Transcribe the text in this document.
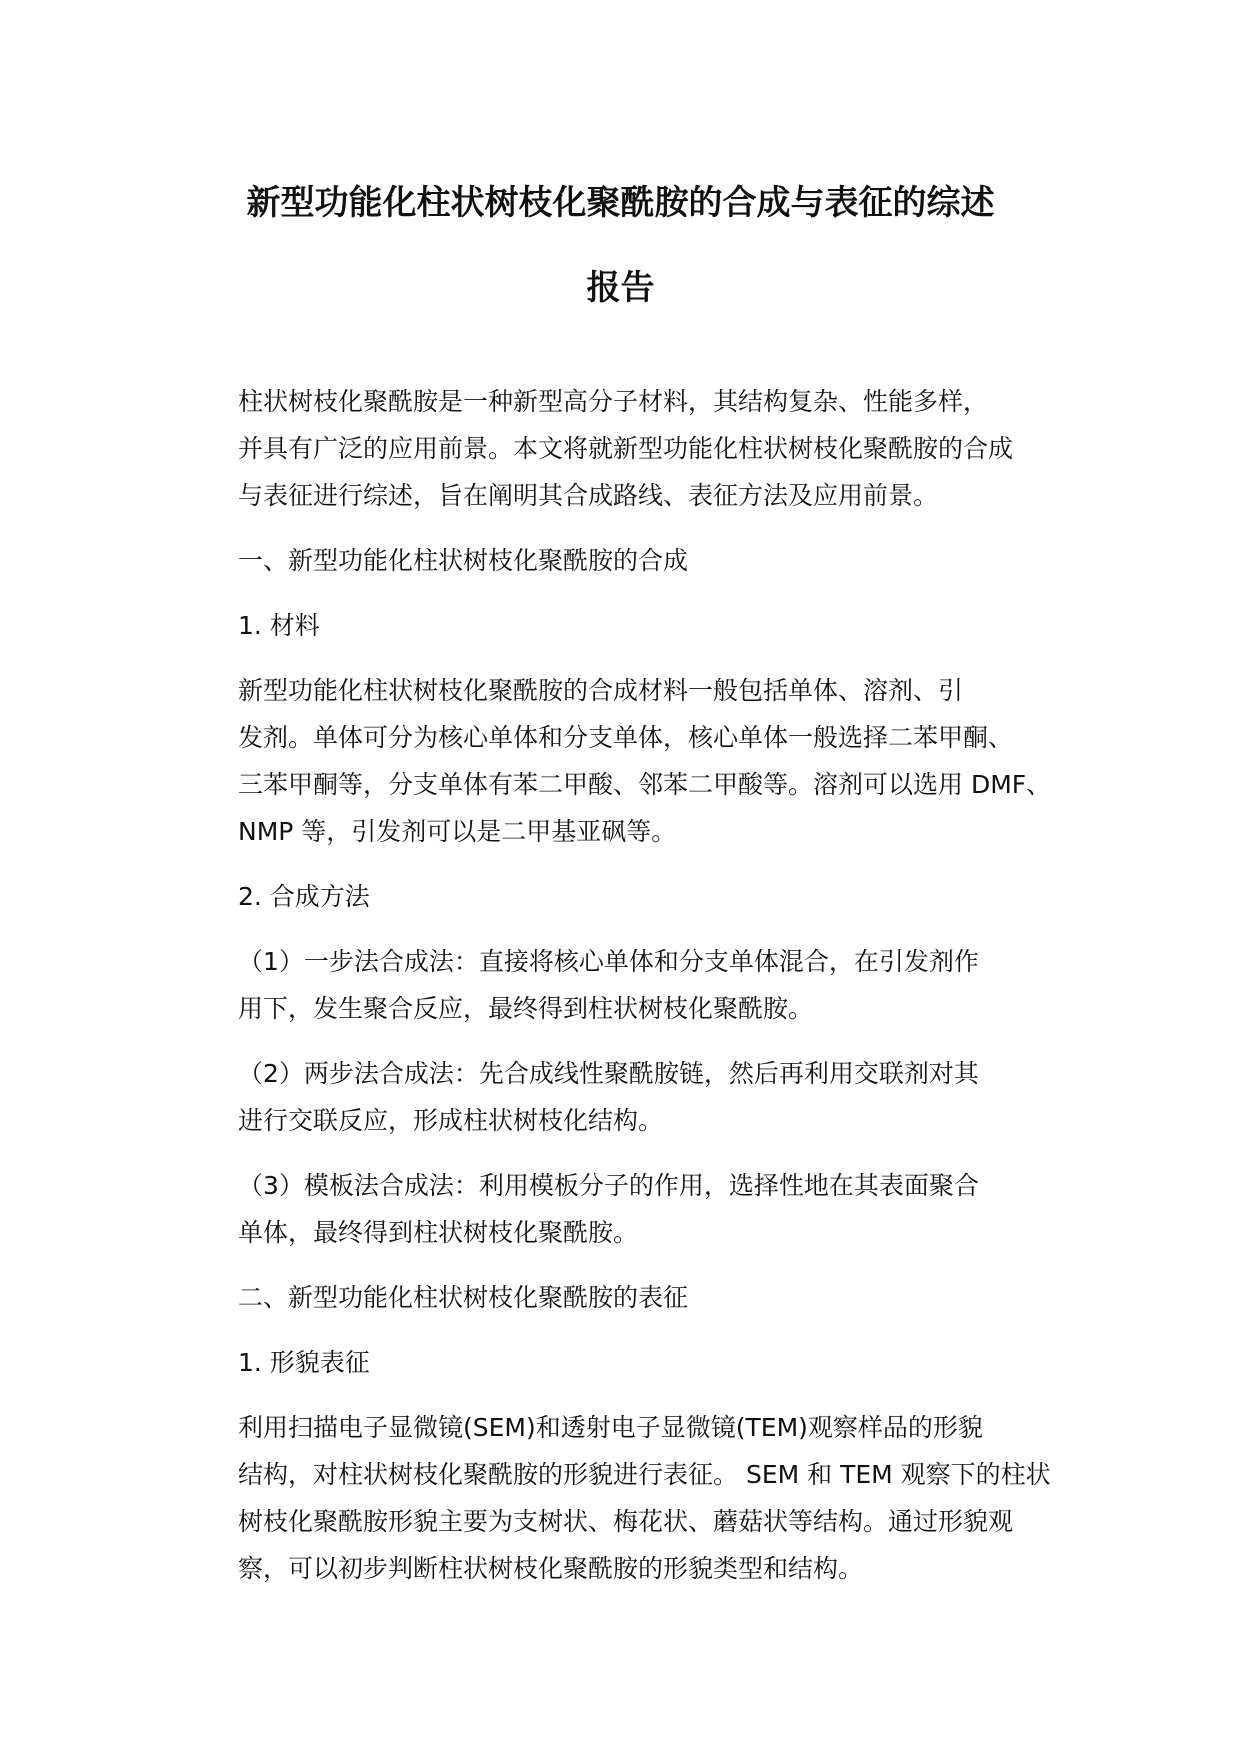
新型功能化柱状树枝化聚酰胺的合成与表征的综述
报告

柱状树枝化聚酰胺是一种新型高分子材料，其结构复杂、性能多样，
并具有广泛的应用前景。本文将就新型功能化柱状树枝化聚酰胺的合成
与表征进行综述，旨在阐明其合成路线、表征方法及应用前景。

一、新型功能化柱状树枝化聚酰胺的合成

1. 材料

新型功能化柱状树枝化聚酰胺的合成材料一般包括单体、溶剂、引
发剂。单体可分为核心单体和分支单体，核心单体一般选择二苯甲酮、
三苯甲酮等，分支单体有苯二甲酸、邻苯二甲酸等。溶剂可以选用 DMF、
NMP 等，引发剂可以是二甲基亚砜等。

2. 合成方法

（1）一步法合成法：直接将核心单体和分支单体混合，在引发剂作
用下，发生聚合反应，最终得到柱状树枝化聚酰胺。

（2）两步法合成法：先合成线性聚酰胺链，然后再利用交联剂对其
进行交联反应，形成柱状树枝化结构。

（3）模板法合成法：利用模板分子的作用，选择性地在其表面聚合
单体，最终得到柱状树枝化聚酰胺。

二、新型功能化柱状树枝化聚酰胺的表征

1. 形貌表征

利用扫描电子显微镜(SEM)和透射电子显微镜(TEM)观察样品的形貌
结构，对柱状树枝化聚酰胺的形貌进行表征。 SEM 和 TEM 观察下的柱状
树枝化聚酰胺形貌主要为支树状、梅花状、蘑菇状等结构。通过形貌观
察，可以初步判断柱状树枝化聚酰胺的形貌类型和结构。
